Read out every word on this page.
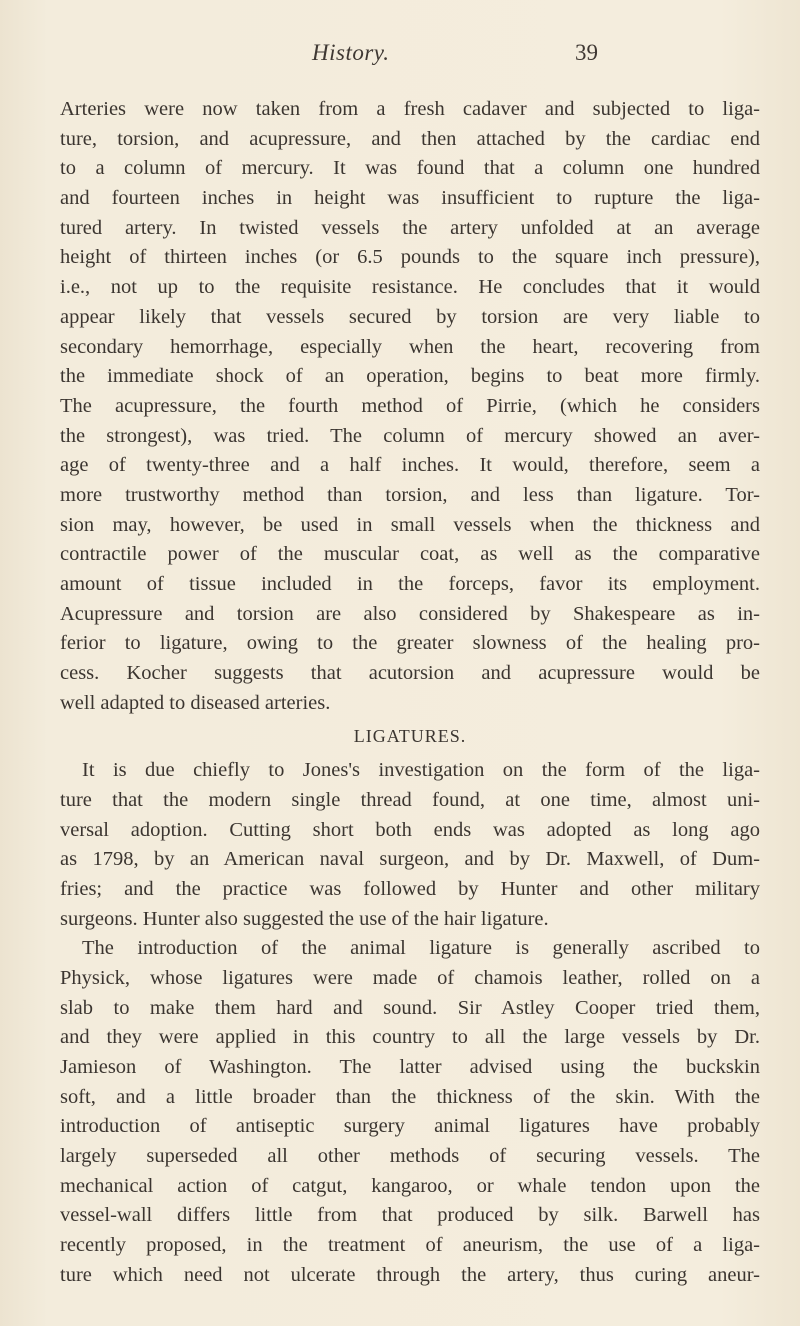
History.	39
Arteries were now taken from a fresh cadaver and subjected to liga-
ture, torsion, and acupressure, and then attached by the cardiac end
to a column of mercury. It was found that a column one hundred
and fourteen inches in height was insufficient to rupture the liga-
tured artery. In twisted vessels the artery unfolded at an average
height of thirteen inches (or 6.5 pounds to the square inch pressure),
i.e., not up to the requisite resistance. He concludes that it would
appear likely that vessels secured by torsion are very liable to
secondary hemorrhage, especially when the heart, recovering from
the immediate shock of an operation, begins to beat more firmly.
The acupressure, the fourth method of Pirrie, (which he considers
the strongest), was tried. The column of mercury showed an aver-
age of twenty-three and a half inches. It would, therefore, seem a
more trustworthy method than torsion, and less than ligature. Tor-
sion may, however, be used in small vessels when the thickness and
contractile power of the muscular coat, as well as the comparative
amount of tissue included in the forceps, favor its employment.
Acupressure and torsion are also considered by Shakespeare as in-
ferior to ligature, owing to the greater slowness of the healing pro-
cess. Kocher suggests that acutorsion and acupressure would be
well adapted to diseased arteries.
LIGATURES.
It is due chiefly to Jones's investigation on the form of the liga-
ture that the modern single thread found, at one time, almost uni-
versal adoption. Cutting short both ends was adopted as long ago
as 1798, by an American naval surgeon, and by Dr. Maxwell, of Dum-
fries; and the practice was followed by Hunter and other military
surgeons. Hunter also suggested the use of the hair ligature.
The introduction of the animal ligature is generally ascribed to
Physick, whose ligatures were made of chamois leather, rolled on a
slab to make them hard and sound. Sir Astley Cooper tried them,
and they were applied in this country to all the large vessels by Dr.
Jamieson of Washington. The latter advised using the buckskin
soft, and a little broader than the thickness of the skin. With the
introduction of antiseptic surgery animal ligatures have probably
largely superseded all other methods of securing vessels. The
mechanical action of catgut, kangaroo, or whale tendon upon the
vessel-wall differs little from that produced by silk. Barwell has
recently proposed, in the treatment of aneurism, the use of a liga-
ture which need not ulcerate through the artery, thus curing aneur-
